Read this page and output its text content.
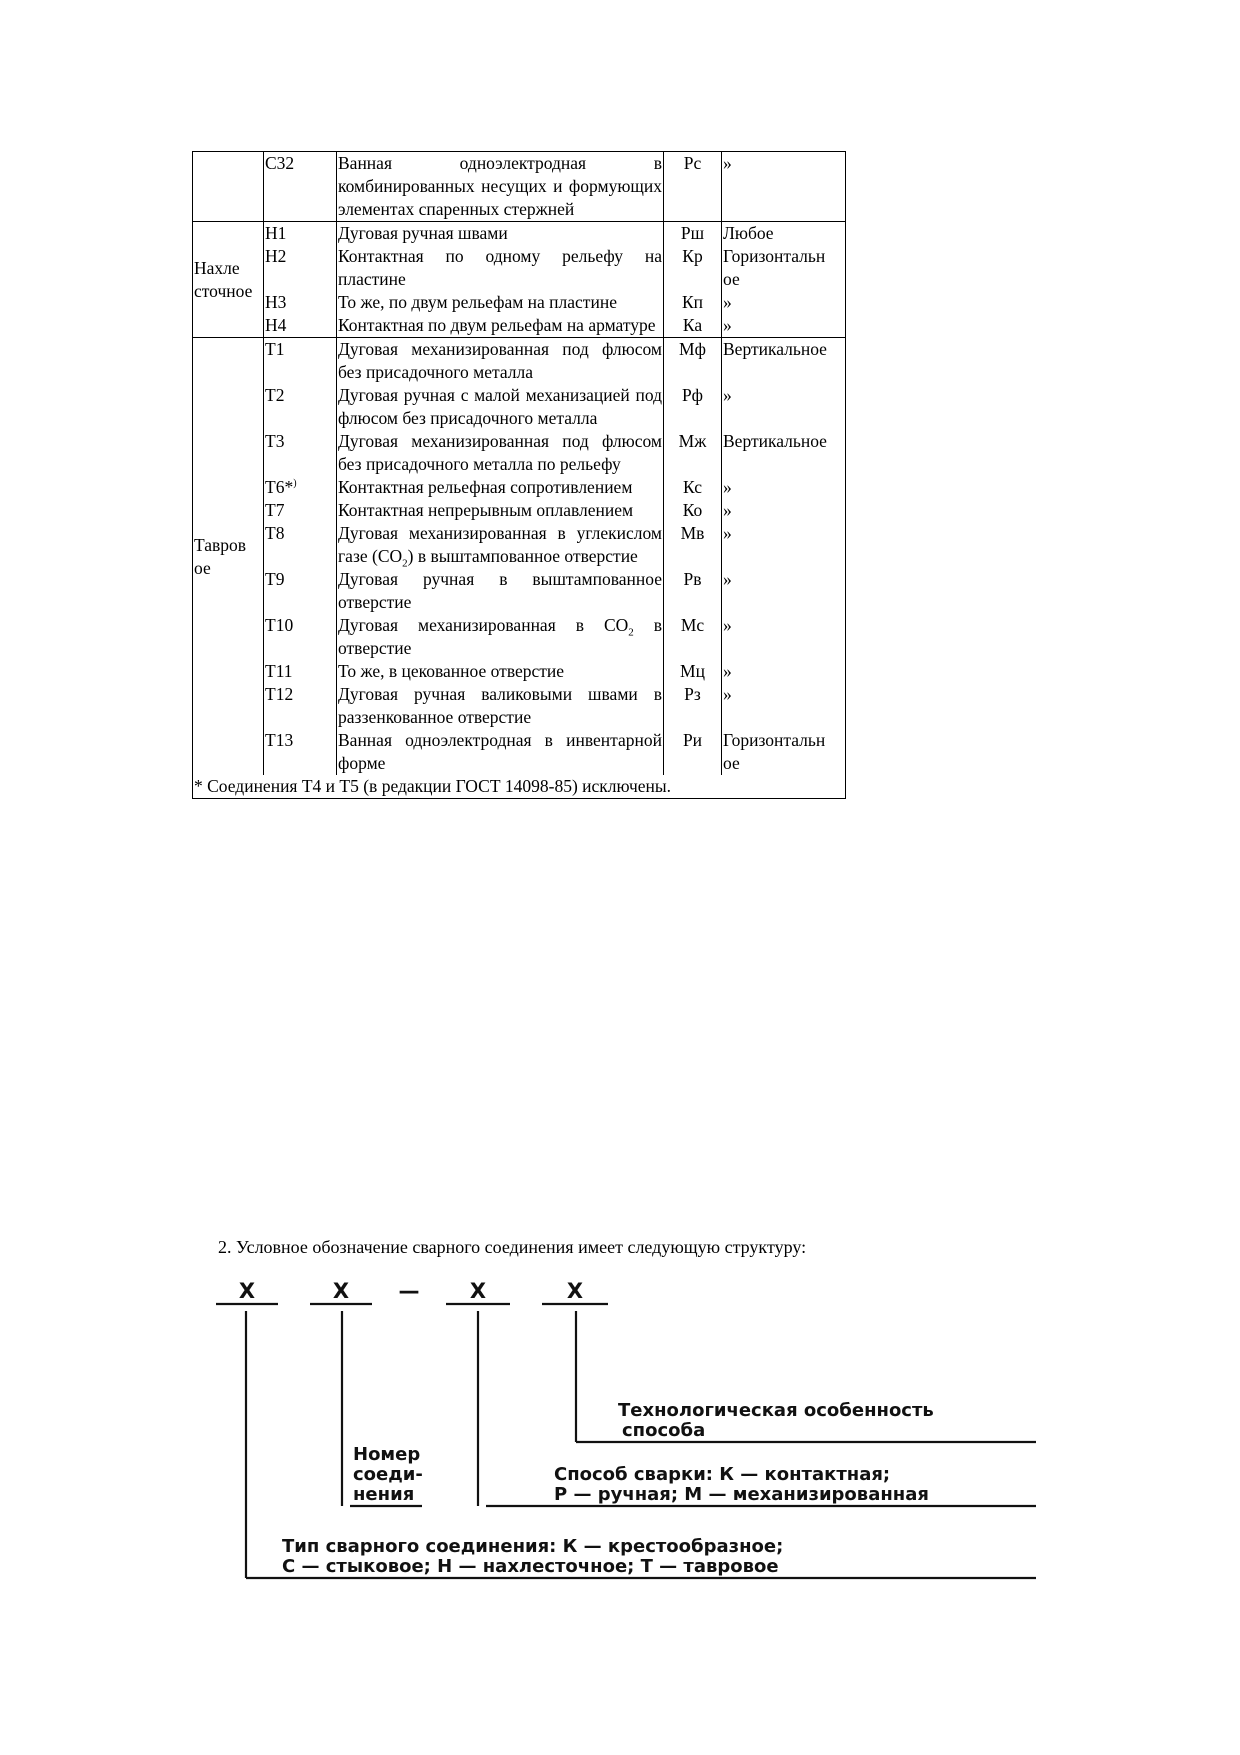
	С32	Ванная одноэлектродная в комбинированных несущих и формующих элементах спаренных стержней	Рс	»
Нахле сточное	Н1	Дуговая ручная швами	Рш	Любое
	Н2	Контактная по одному рельефу на пластине	Кр	Горизонтальн ое
	Н3	То же, по двум рельефам на пластине	Кп	»
	Н4	Контактная по двум рельефам на арматуре	Ка	»
Тавров ое	Т1	Дуговая механизированная под флюсом без присадочного металла	Мф	Вертикальное
	Т2	Дуговая ручная с малой механизацией под флюсом без присадочного металла	Рф	»
	Т3	Дуговая механизированная под флюсом без присадочного металла по рельефу	Мж	Вертикальное
	Т6*)	Контактная рельефная сопротивлением	Кс	»
	Т7	Контактная непрерывным оплавлением	Ко	»
	Т8	Дуговая механизированная в углекислом газе $(CO_2)$ в выштампованное отверстие	Мв	»
	Т9	Дуговая ручная в выштампованное отверстие	Рв	»
	Т10	Дуговая механизированная в $CO_2$ в отверстие	Мс	»
	Т11	То же, в цекованное отверстие	Мц	»
	Т12	Дуговая ручная валиковыми швами в раззенкованное отверстие	Рз	»
	Т13	Ванная одноэлектродная в инвентарной форме	Ри	Горизонтальн ое
* Соединения Т4 и Т5 (в редакции ГОСТ 14098-85) исключены.				
2. Условное обозначение сварного соединения имеет следующую структуру:
Х	Х — Х	Х
Технологическая особенность
способа
Номер
соеди-
нения
Способ сварки: К — контактная;
Р — ручная; М — механизированная
Тип сварного соединения: К — крестообразное;
С — стыковое; Н — нахлесточное; Т — тавровое
